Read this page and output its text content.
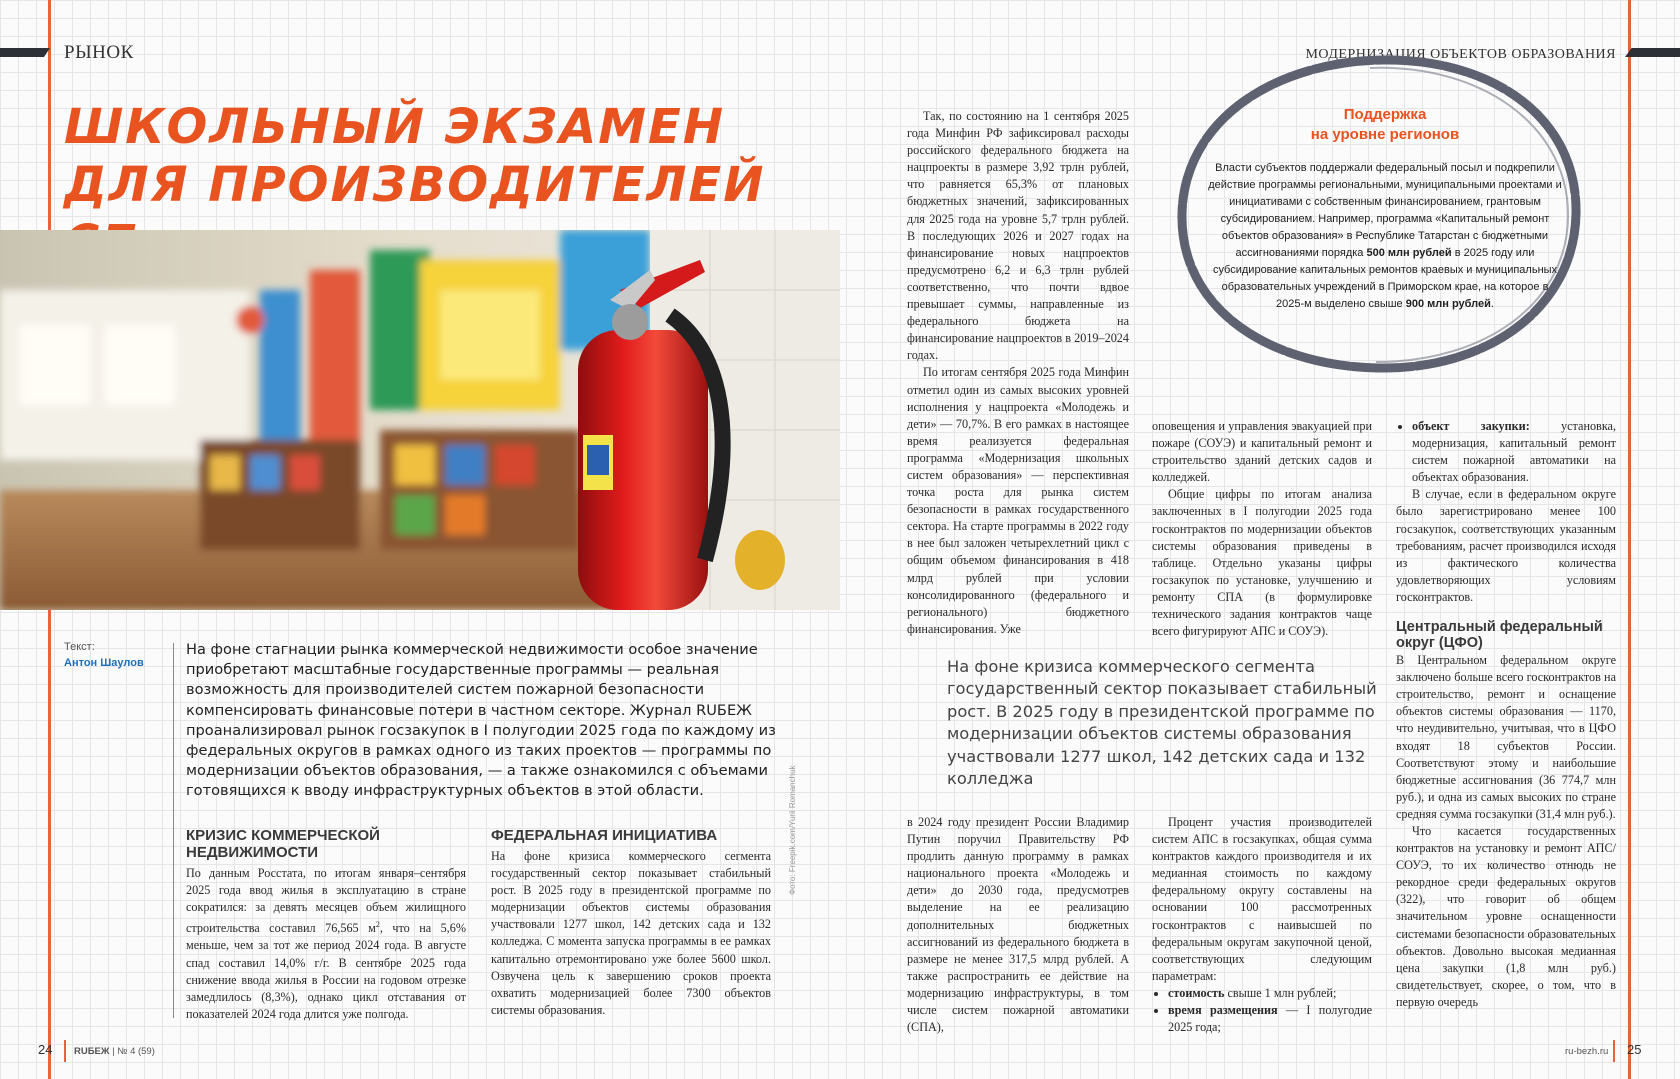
РЫНОК	МОДЕРНИЗАЦИЯ ОБЪЕКТОВ ОБРАЗОВАНИЯ
ШКОЛЬНЫЙ ЭКЗАМЕН
ДЛЯ ПРОИЗВОДИТЕЛЕЙ
Фото: Freepik.com/Yurii Romanchuk
Текст:
Антон Шаулов

На фоне стагнации рынка коммерческой недвижимости особое значение приобретают масштабные государственные программы — реальная возможность для производителей систем пожарной безопасности компенсировать финансовые потери в частном секторе. Журнал RUБЕЖ проанализировал рынок госзакупок в I полугодии 2025 года по каждому из федеральных округов в рамках одного из таких проектов — программы по модернизации объектов образования, — а также ознакомился с объемами готовящихся к вводу инфраструктурных объектов в этой области.

КРИЗИС КОММЕРЧЕСКОЙ НЕДВИЖИМОСТИ

По данным Росстата, по итогам января–сентября 2025 года ввод жилья в эксплуатацию в стране сократился: за девять месяцев объем жилищного строительства составил 76,565 $м^2$, что на 5,6% меньше, чем за тот же период 2024 года. В августе спад составил 14,0% г/г. В сентябре 2025 года снижение ввода жилья в России на годовом отрезке замедлилось (8,3%), однако цикл отставания от показателей 2024 года длится уже полгода.

ФЕДЕРАЛЬНАЯ ИНИЦИАТИВА

На фоне кризиса коммерческого сегмента государственный сектор показывает стабильный рост. В 2025 году в президентской программе по модернизации объектов системы образования участвовали 1277 школ, 142 детских сада и 132 колледжа. С момента запуска программы в ее рамках капитально отремонтировано уже более 5600 школ. Озвучена цель к завершению сроков проекта охватить модернизацией более 7300 объектов системы образования.

Так, по состоянию на 1 сентября 2025 года Минфин РФ зафиксировал расходы российского федерального бюджета на нацпроекты в размере 3,92 трлн рублей, что равняется 65,3% от плановых бюджетных значений, зафиксированных для 2025 года на уровне 5,7 трлн рублей. В последующих 2026 и 2027 годах на финансирование новых нацпроектов предусмотрено 6,2 и 6,3 трлн рублей соответственно, что почти вдвое превышает суммы, направленные из федерального бюджета на финансирование нацпроектов в 2019–2024 годах.

По итогам сентября 2025 года Минфин отметил один из самых высоких уровней исполнения у нацпроекта «Молодежь и дети» — 70,7%. В его рамках в настоящее время реализуется федеральная программа «Модернизация школьных систем образования» — перспективная точка роста для рынка систем безопасности в рамках государственного сектора. На старте программы в 2022 году в нее был заложен четырехлетний цикл с общим объемом финансирования в 418 млрд рублей при условии консолидированного (федерального и регионального) бюджетного финансирования. Уже

оповещения и управления эвакуацией при пожаре (СОУЭ) и капитальный ремонт и строительство зданий детских садов и колледжей.

Общие цифры по итогам анализа заключенных в I полугодии 2025 года госконтрактов по модернизации объектов системы образования приведены в таблице. Отдельно указаны цифры госзакупок по установке, улучшению и ремонту СПА (в формулировке технического задания контрактов чаще всего фигурируют АПС и СОУЭ).

• объект закупки: установка, модернизация, капитальный ремонт систем пожарной автоматики на объектах образования.

В случае, если в федеральном округе было зарегистрировано менее 100 госзакупок, соответствующих указанным требованиям, расчет производился исходя из фактического количества удовлетворяющих условиям госконтрактов.

Центральный федеральный округ (ЦФО)

В Центральном федеральном округе заключено больше всего госконтрактов на строительство, ремонт и оснащение объектов системы образования — 1170, что неудивительно, учитывая, что в ЦФО входят 18 субъектов России. Соответствуют этому и наибольшие бюджетные ассигнования (36 774,7 млн руб.), и одна из самых высоких по стране средняя сумма госзакупки (31,4 млн руб.).

Что касается государственных контрактов на установку и ремонт АПС/СОУЭ, то их количество отнюдь не рекордное среди федеральных округов (322), что говорит об общем значительном уровне оснащенности системами безопасности образовательных объектов. Довольно высокая медианная цена закупки (1,8 млн руб.) свидетельствует, скорее, о том, что в первую очередь

На фоне кризиса коммерческого сегмента государственный сектор показывает стабильный рост. В 2025 году в президентской программе по модернизации объектов системы образования участвовали 1277 школ, 142 детских сада и 132 колледжа

в 2024 году президент России Владимир Путин поручил Правительству РФ продлить данную программу в рамках национального проекта «Молодежь и дети» до 2030 года, предусмотрев выделение на ее реализацию дополнительных бюджетных ассигнований из федерального бюджета в размере не менее 317,5 млрд рублей. А также распространить ее действие на модернизацию инфраструктуры, в том числе систем пожарной автоматики (СПА),

Процент участия производителей систем АПС в госзакупках, общая сумма контрактов каждого производителя и их медианная стоимость по каждому федеральному округу составлены на основании 100 рассмотренных госконтрактов с наивысшей по федеральным округам закупочной ценой, соответствующих следующим параметрам:

• стоимость свыше 1 млн рублей;
• время размещения — I полугодие 2025 года;
Поддержка
на уровне регионов

Власти субъектов поддержали федеральный посыл и подкрепили действие программы региональными, муниципальными проектами и инициативами с собственным финансированием, грантовым субсидированием. Например, программа «Капитальный ремонт объектов образования» в Республике Татарстан с бюджетными ассигнованиями порядка 500 млн рублей в 2025 году или субсидирование капитальных ремонтов краевых и муниципальных образовательных учреждений в Приморском крае, на которое в 2025-м выделено свыше 900 млн рублей.

24 RUБЕЖ | № 4 (59)	ru-bezh.ru 25
